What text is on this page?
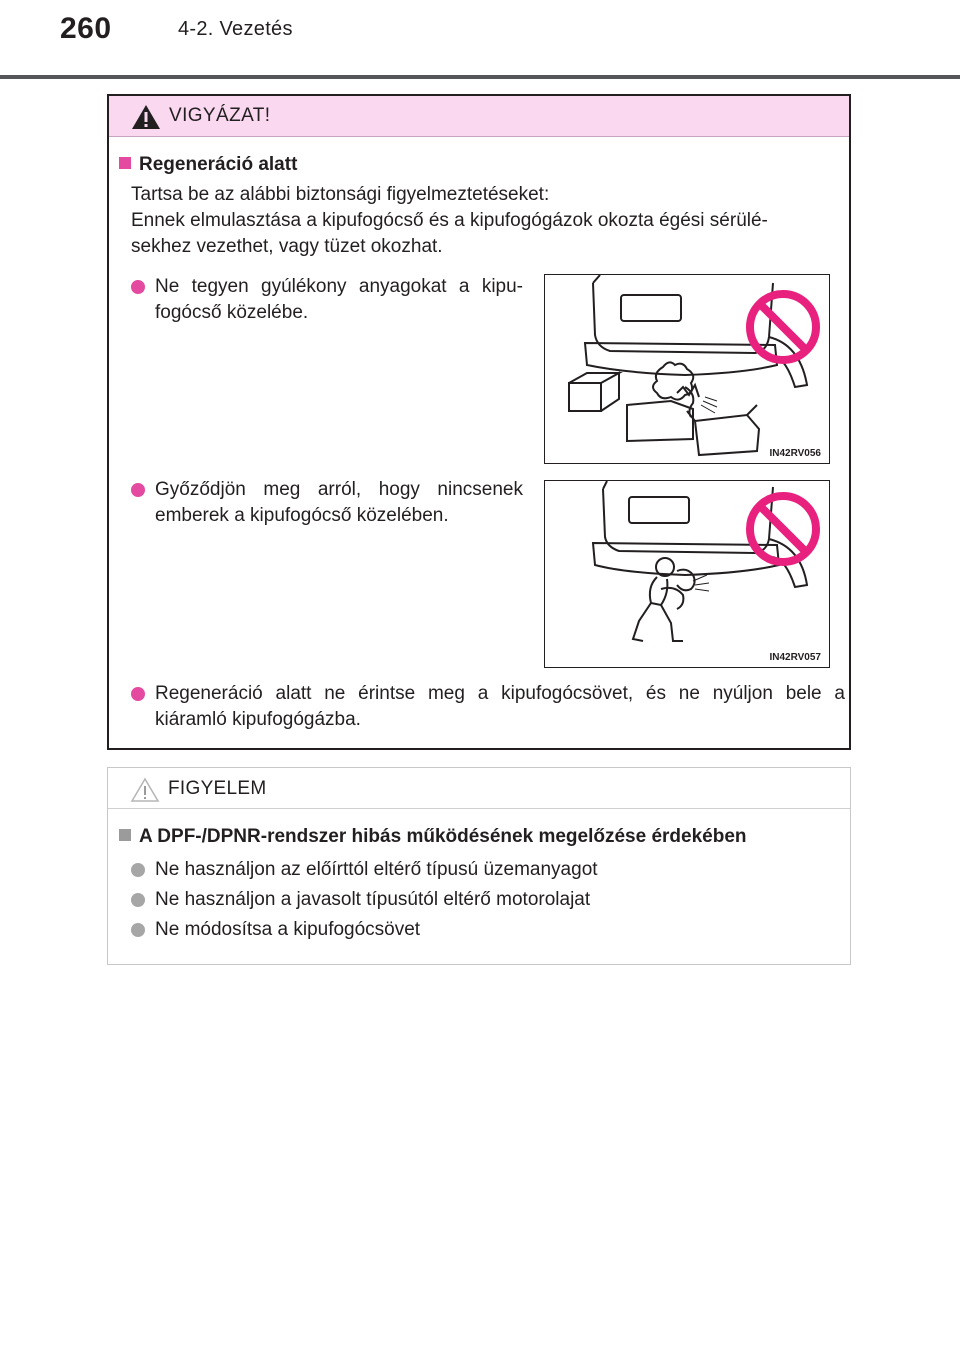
260	4-2. Vezetés
VIGYÁZAT!
Regeneráció alatt
Tartsa be az alábbi biztonsági figyelmeztetéseket:
Ennek elmulasztása a kipufogócső és a kipufogógázok okozta égési sérülé-
sekhez vezethet, vagy tüzet okozhat.
Ne tegyen gyúlékony anyagokat a kipu-
fogócső közelébe.
IN42RV056
Győződjön meg arról, hogy nincsenek
emberek a kipufogócső közelében.
IN42RV057
Regeneráció alatt ne érintse meg a kipufogócsövet, és ne nyúljon bele a
kiáramló kipufogógázba.
FIGYELEM
A DPF-/DPNR-rendszer hibás működésének megelőzése érdekében
Ne használjon az előírttól eltérő típusú üzemanyagot
Ne használjon a javasolt típusútól eltérő motorolajat
Ne módosítsa a kipufogócsövet
